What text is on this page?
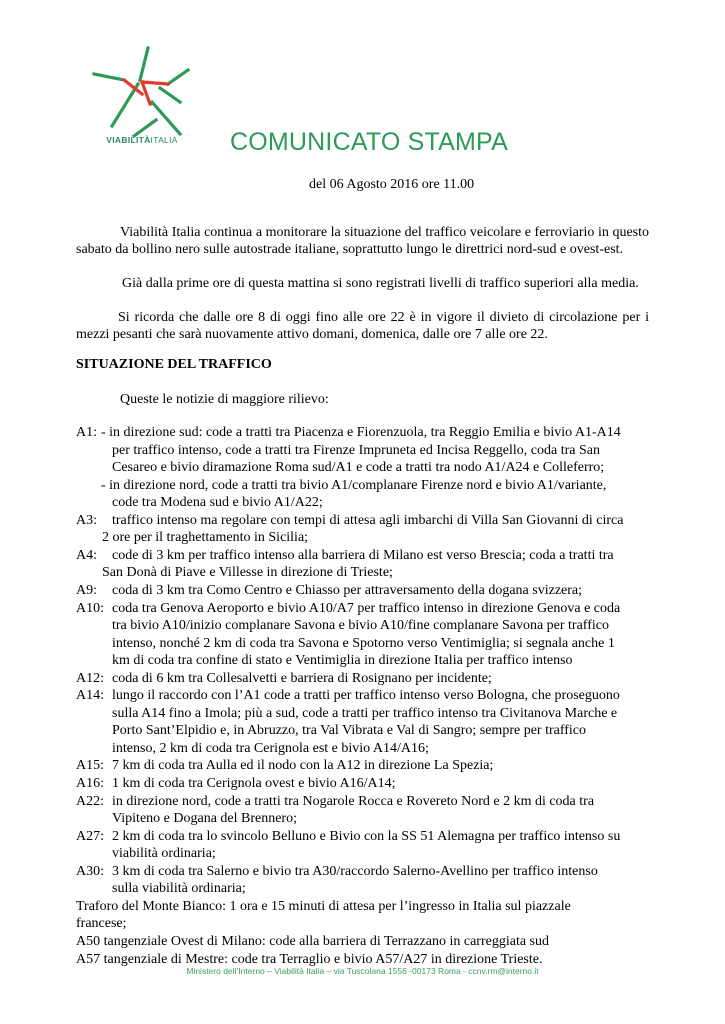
VIABILITÀITALIA	COMUNICATO STAMPA
del 06 Agosto 2016 ore 11.00
Viabilità Italia continua a monitorare la situazione del traffico veicolare e ferroviario in questo sabato da bollino nero sulle autostrade italiane, soprattutto lungo le direttrici nord-sud e ovest-est.
Già dalla prime ore di questa mattina si sono registrati livelli di traffico superiori alla media.
Si ricorda che dalle ore 8 di oggi fino alle ore 22 è in vigore il divieto di circolazione per i mezzi pesanti che sarà nuovamente attivo domani, domenica, dalle ore 7 alle ore 22.
SITUAZIONE DEL TRAFFICO
Queste le notizie di maggiore rilievo:
A1: - in direzione sud: code a tratti tra Piacenza e Fiorenzuola, tra Reggio Emilia e bivio A1-A14
per traffico intenso, code a tratti tra Firenze Impruneta ed Incisa Reggello, coda tra San
Cesareo e bivio diramazione Roma sud/A1 e code a tratti tra nodo A1/A24 e Colleferro;
- in direzione nord, code a tratti tra bivio A1/complanare Firenze nord e bivio A1/variante,
code tra Modena sud e bivio A1/A22;
A3: traffico intenso ma regolare con tempi di attesa agli imbarchi di Villa San Giovanni di circa
2 ore per il traghettamento in Sicilia;
A4: code di 3 km per traffico intenso alla barriera di Milano est verso Brescia; coda a tratti tra
San Donà di Piave e Villesse in direzione di Trieste;
A9: coda di 3 km tra Como Centro e Chiasso per attraversamento della dogana svizzera;
A10: coda tra Genova Aeroporto e bivio A10/A7 per traffico intenso in direzione Genova e coda
tra bivio A10/inizio complanare Savona e bivio A10/fine complanare Savona per traffico
intenso, nonché 2 km di coda tra Savona e Spotorno verso Ventimiglia; si segnala anche 1
km di coda tra confine di stato e Ventimiglia in direzione Italia per traffico intenso
A12: coda di 6 km tra Collesalvetti e barriera di Rosignano per incidente;
A14: lungo il raccordo con l’A1 code a tratti per traffico intenso verso Bologna, che proseguono
sulla A14 fino a Imola; più a sud, code a tratti per traffico intenso tra Civitanova Marche e
Porto Sant’Elpidio e, in Abruzzo, tra Val Vibrata e Val di Sangro; sempre per traffico
intenso, 2 km di coda tra Cerignola est e bivio A14/A16;
A15: 7 km di coda tra Aulla ed il nodo con la A12 in direzione La Spezia;
A16: 1 km di coda tra Cerignola ovest e bivio A16/A14;
A22: in direzione nord, code a tratti tra Nogarole Rocca e Rovereto Nord e 2 km di coda tra
Vipiteno e Dogana del Brennero;
A27: 2 km di coda tra lo svincolo Belluno e Bivio con la SS 51 Alemagna per traffico intenso su
viabilità ordinaria;
A30: 3 km di coda tra Salerno e bivio tra A30/raccordo Salerno-Avellino per traffico intenso
sulla viabilità ordinaria;
Traforo del Monte Bianco: 1 ora e 15 minuti di attesa per l’ingresso in Italia sul piazzale
francese;
A50 tangenziale Ovest di Milano: code alla barriera di Terrazzano in carreggiata sud
A57 tangenziale di Mestre: code tra Terraglio e bivio A57/A27 in direzione Trieste.
Ministero dell’Interno – Viabilità Italia – via Tuscolana 1556 -00173 Roma - ccnv.rm@interno.it
